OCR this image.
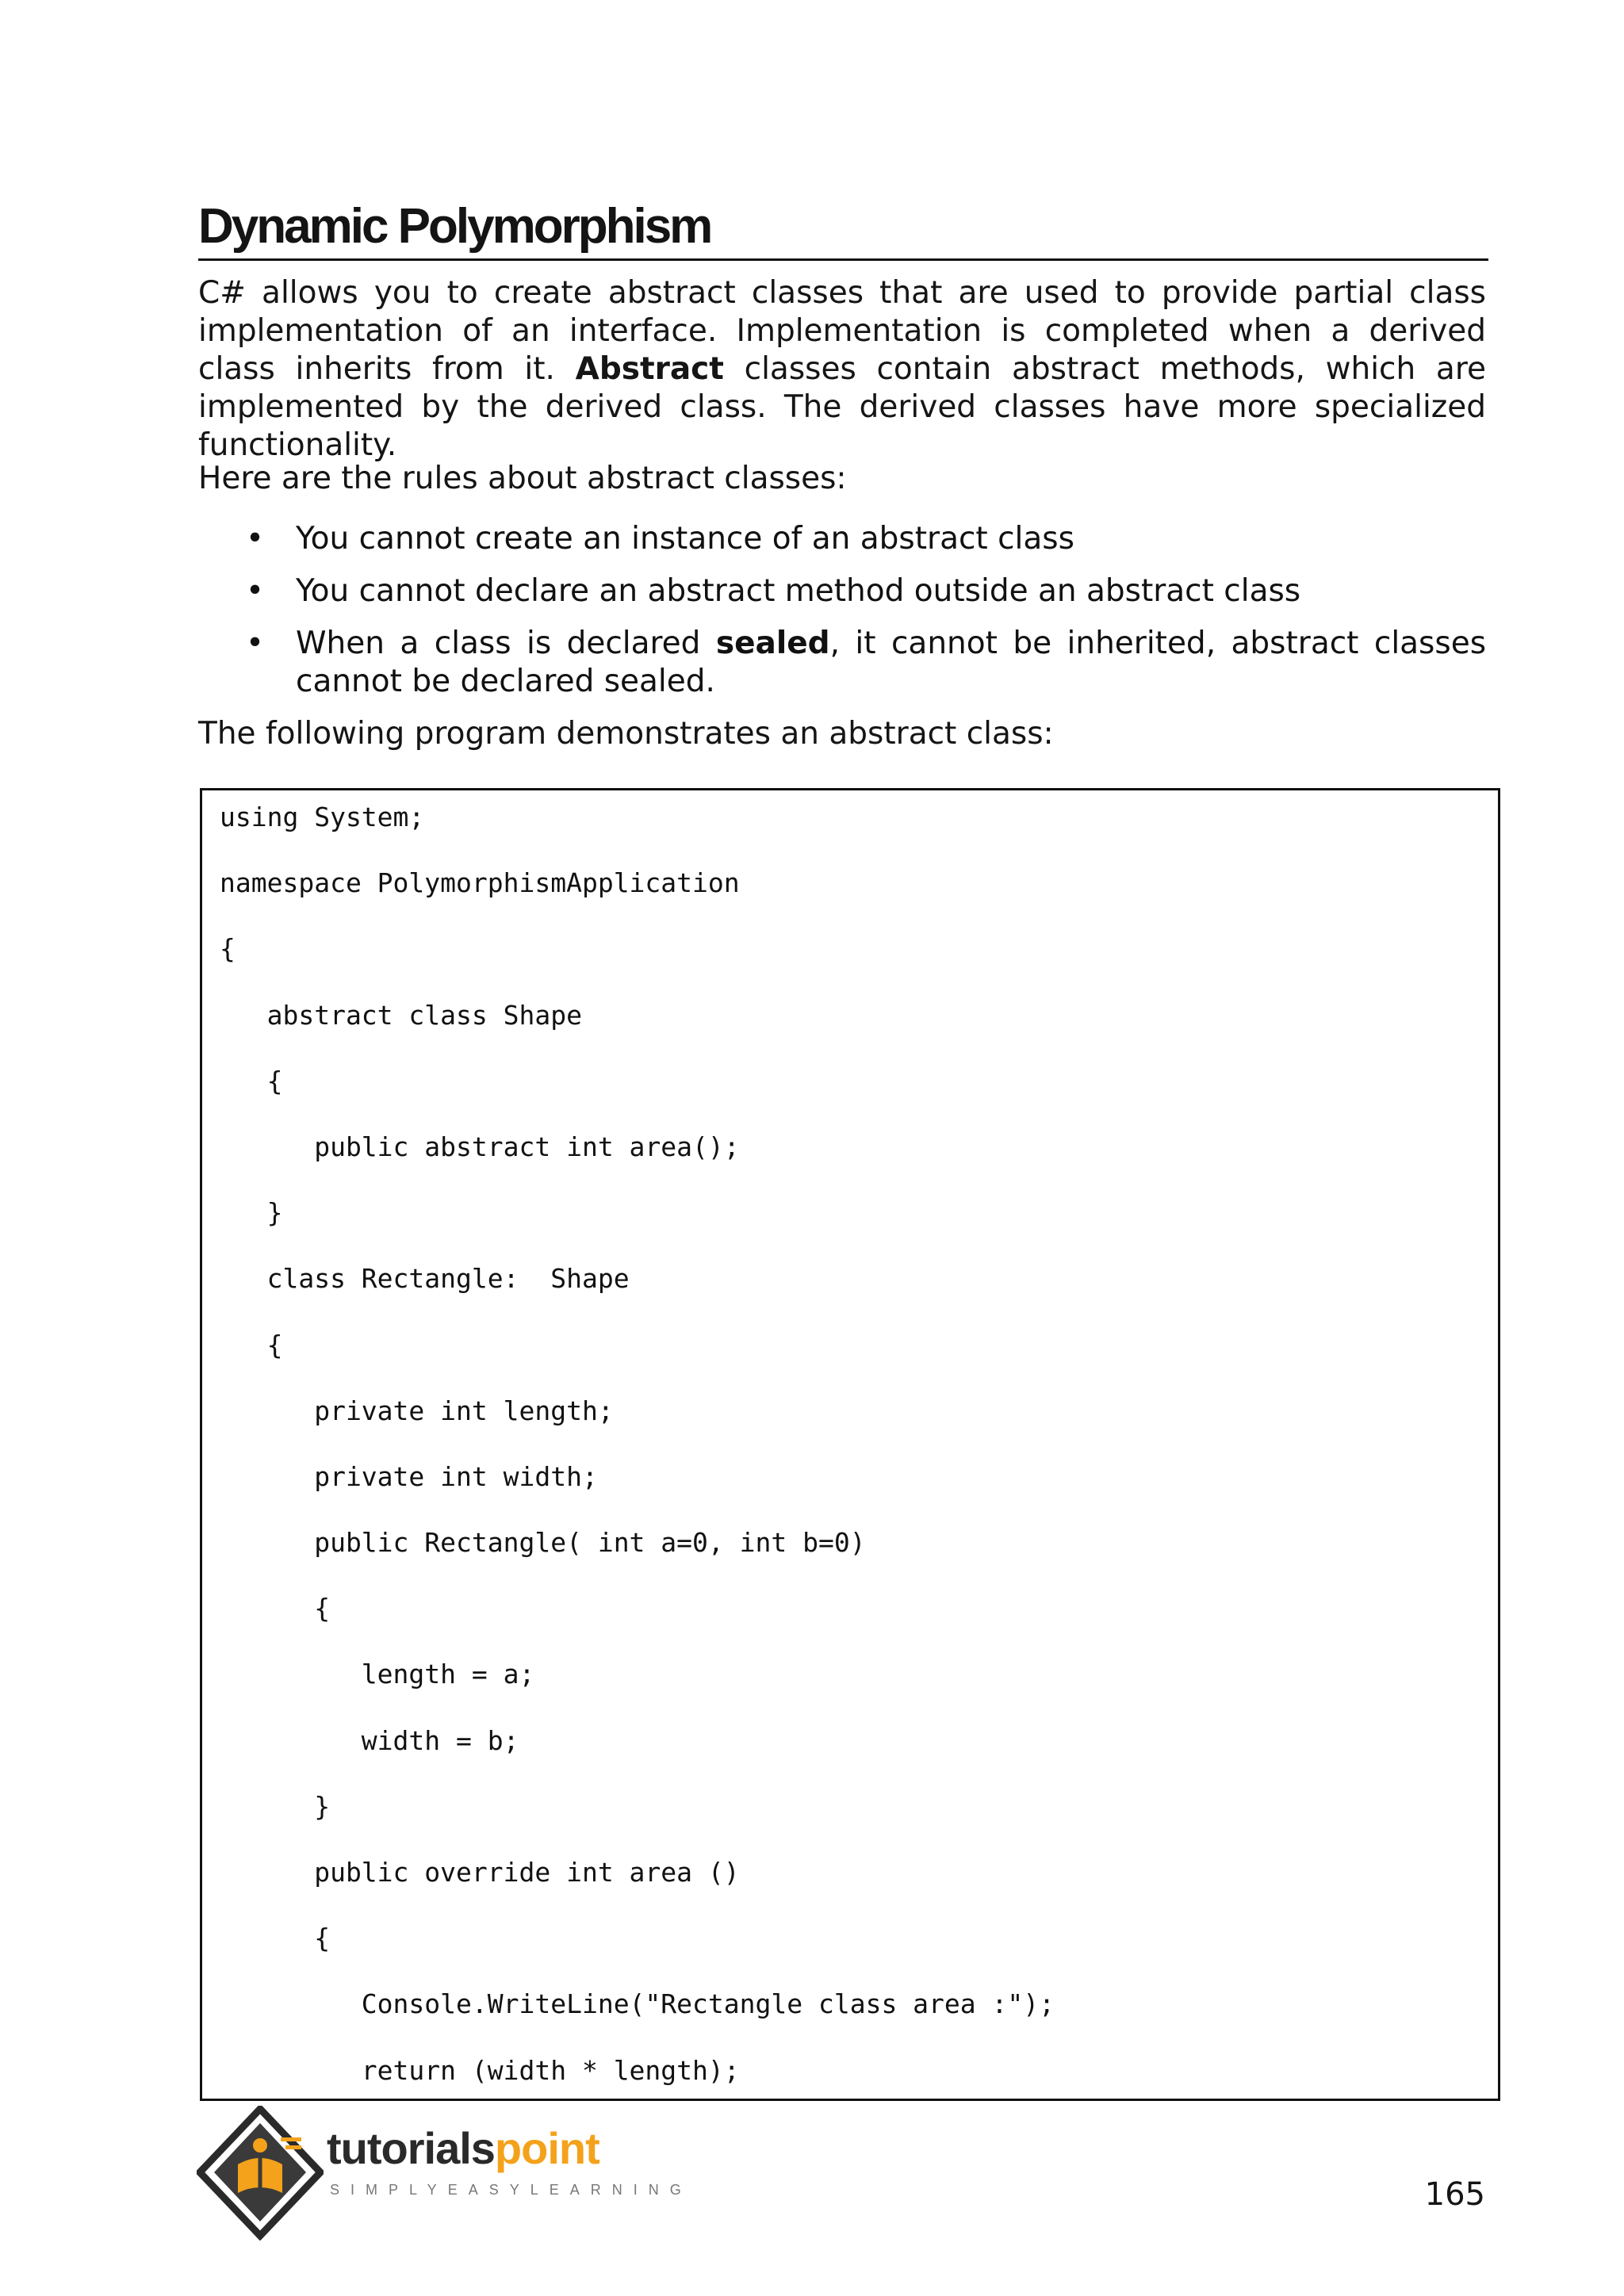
Dynamic Polymorphism

C# allows you to create abstract classes that are used to provide partial class implementation of an interface. Implementation is completed when a derived class inherits from it. Abstract classes contain abstract methods, which are implemented by the derived class. The derived classes have more specialized functionality.

Here are the rules about abstract classes:

• You cannot create an instance of an abstract class
• You cannot declare an abstract method outside an abstract class
• When a class is declared sealed, it cannot be inherited, abstract classes cannot be declared sealed.

The following program demonstrates an abstract class:

using System;
namespace PolymorphismApplication
{
abstract class Shape
{
public abstract int area();
}
class Rectangle:  Shape
{
private int length;
private int width;
public Rectangle( int a=0, int b=0)
{
length = a;
width = b;
}
public override int area ()
{
Console.WriteLine("Rectangle class area :");
return (width * length);

tutorialspoint

SIMPLYEASYLEARNING	165
